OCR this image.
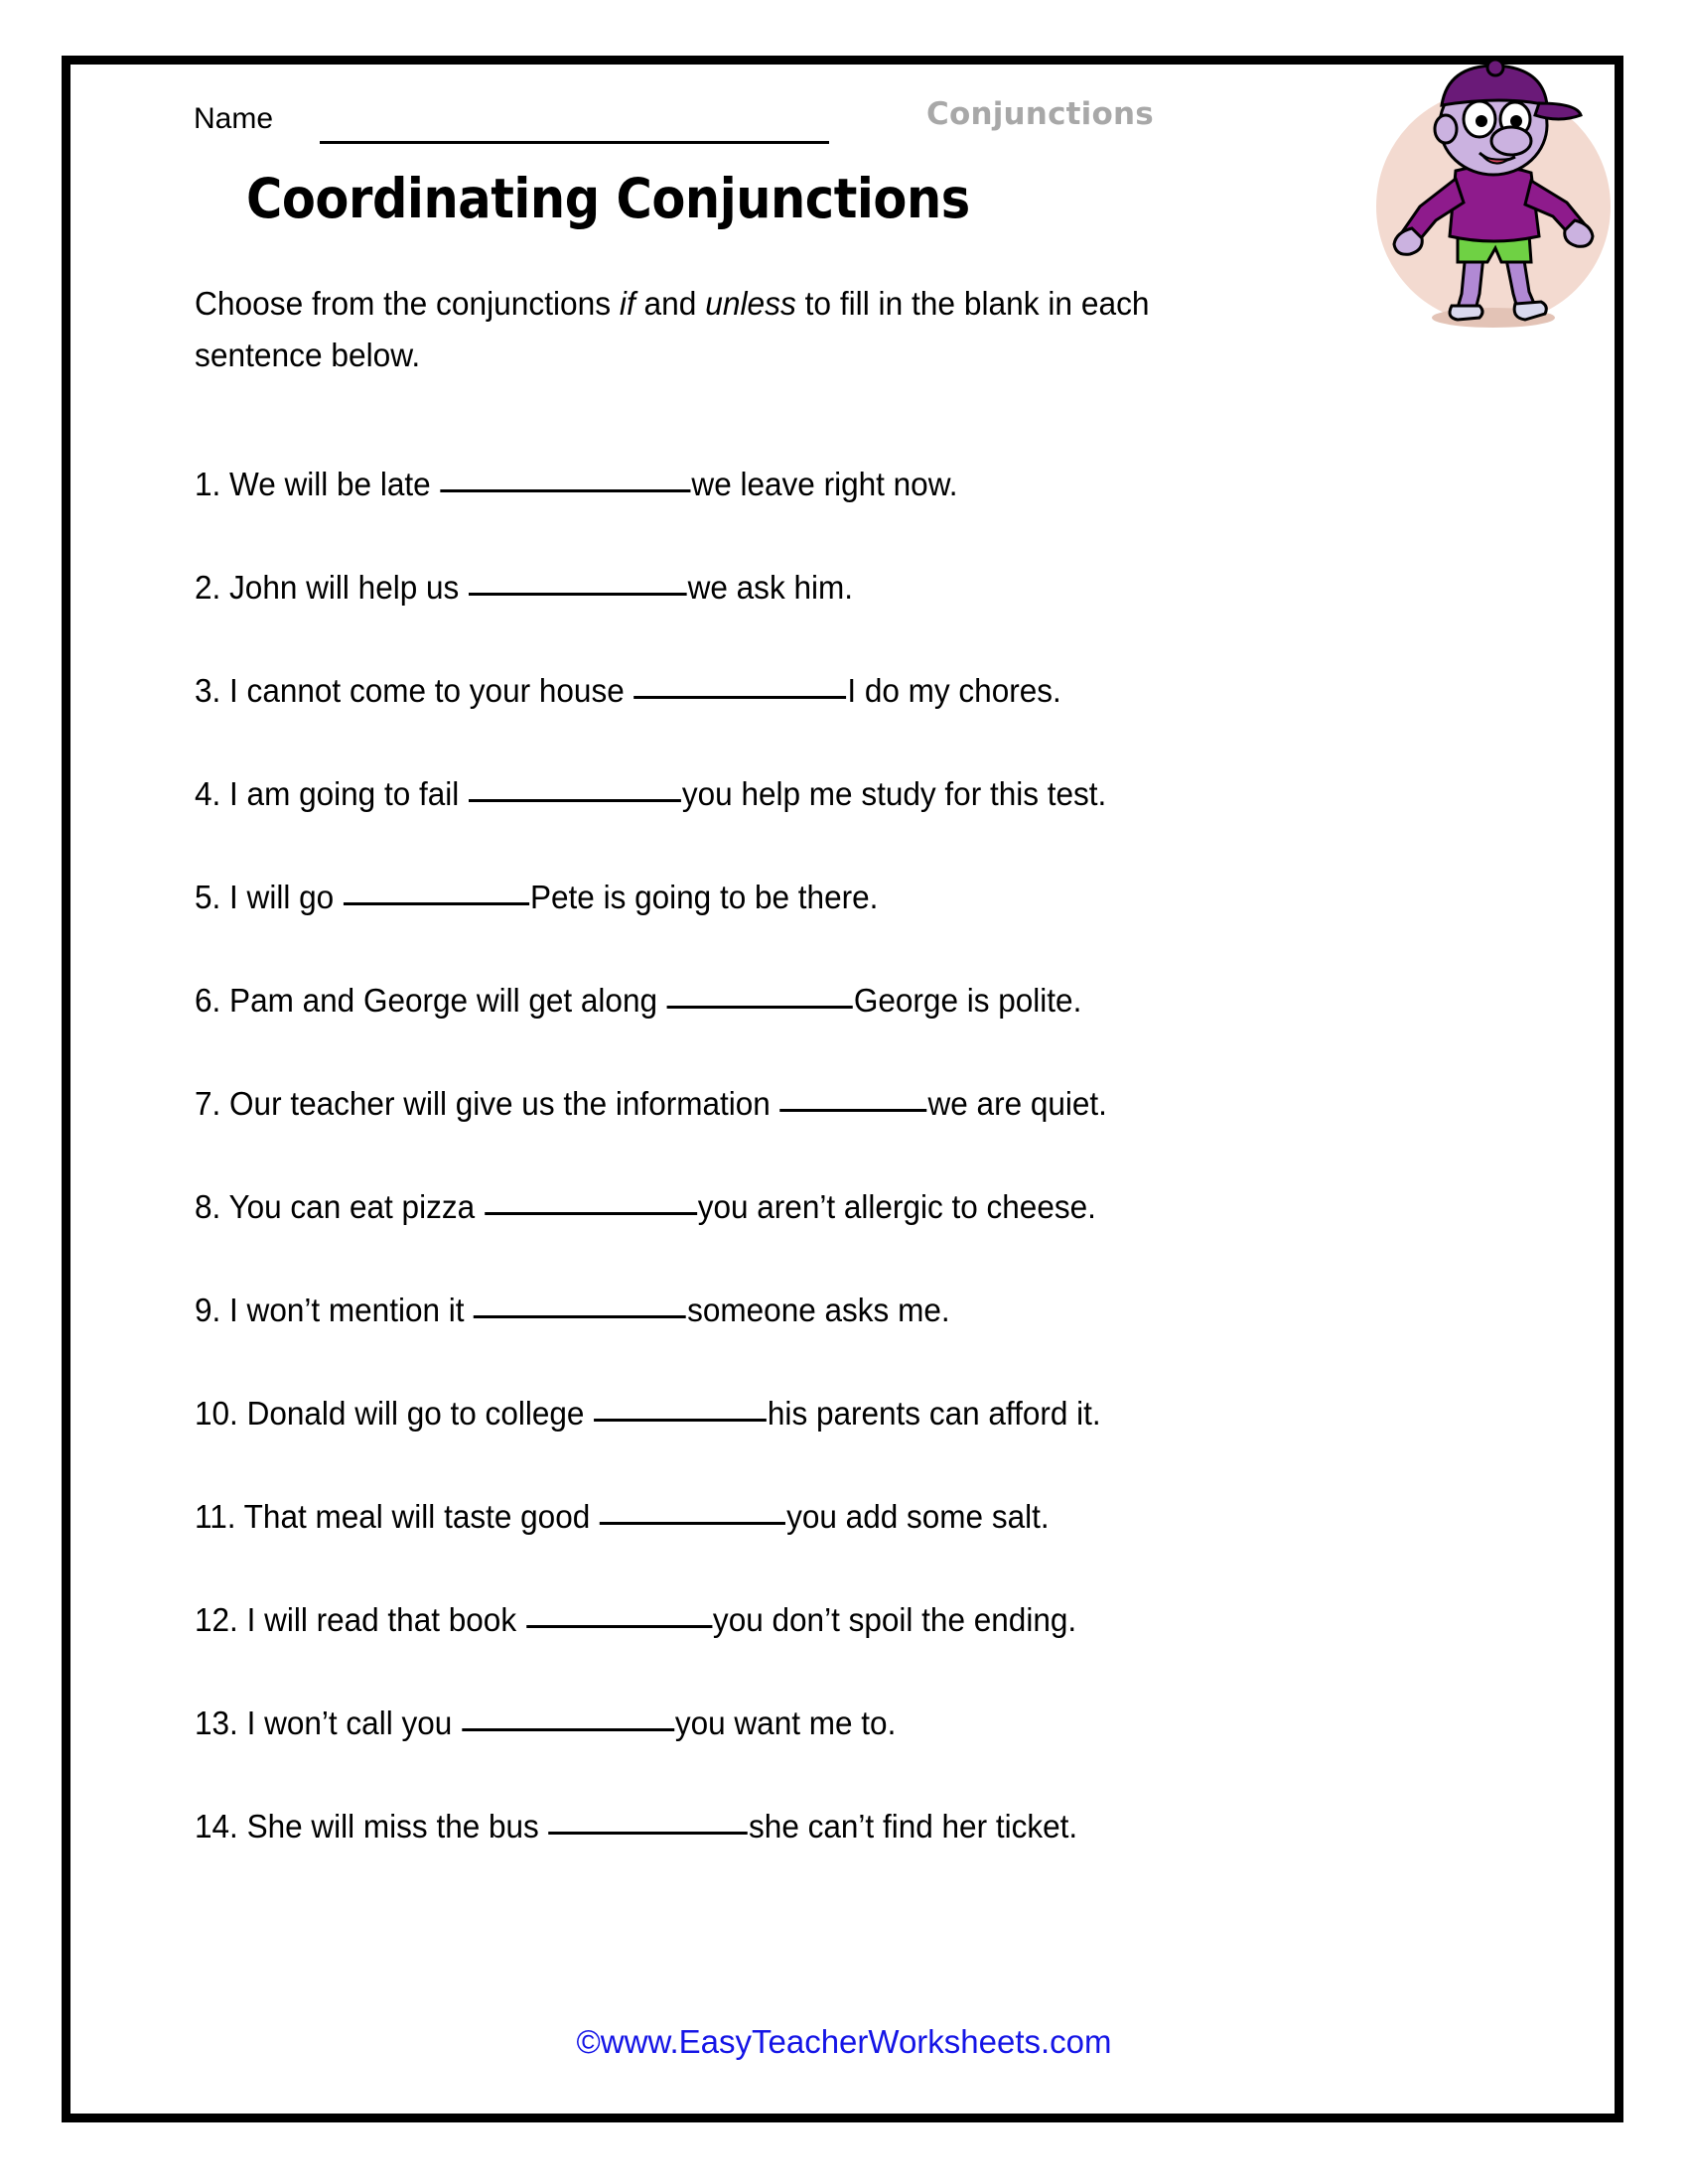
Name	Conjunctions
Coordinating Conjunctions
Choose from the conjunctions if and unless to fill in the blank in each sentence below.
1. We will be late	we leave right now.
2. John will help us	we ask him.
3. I cannot come to your house	I do my chores.
4. I am going to fail	you help me study for this test.
5. I will go	Pete is going to be there.
6. Pam and George will get along	George is polite.
7. Our teacher will give us the information	we are quiet.
8. You can eat pizza	you aren’t allergic to cheese.
9. I won’t mention it	someone asks me.
10. Donald will go to college	his parents can afford it.
11. That meal will taste good	you add some salt.
12. I will read that book	you don’t spoil the ending.
13. I won’t call you	you want me to.
14. She will miss the bus	she can’t find her ticket.
©www.EasyTeacherWorksheets.com
